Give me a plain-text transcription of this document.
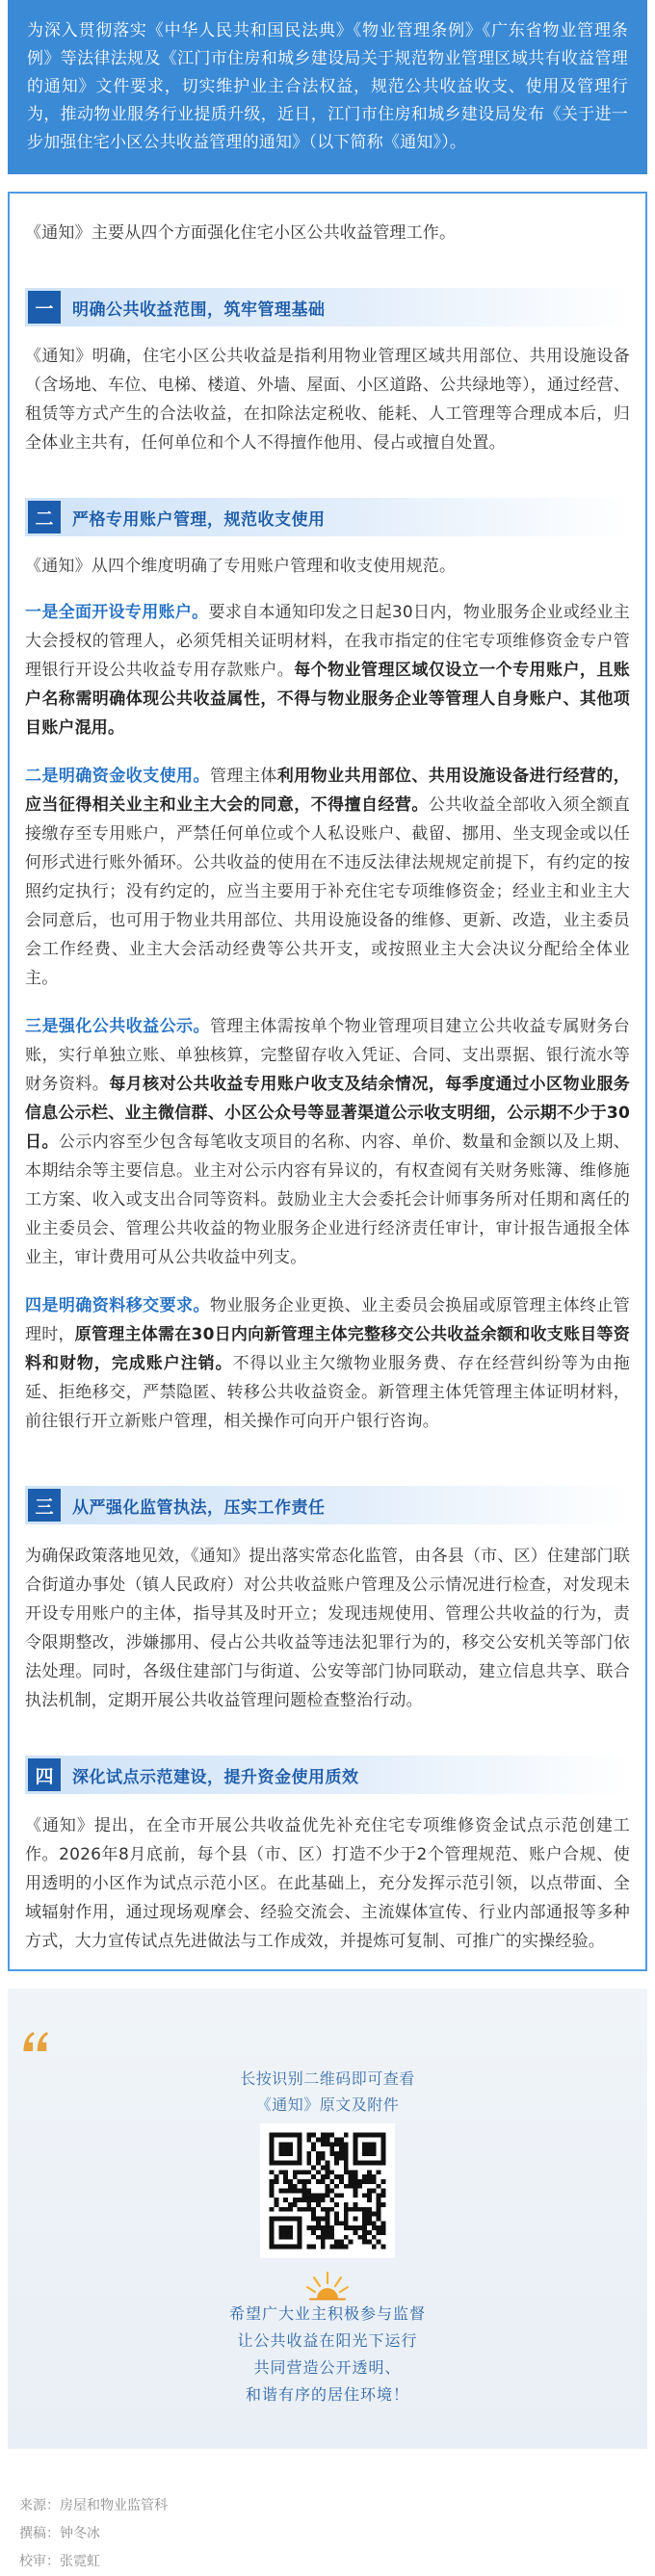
为深入贯彻落实《中华人民共和国民法典》《物业管理条例》《广东省物业管理条例》等法律法规及《江门市住房和城乡建设局关于规范物业管理区域共有收益管理的通知》文件要求，切实维护业主合法权益，规范公共收益收支、使用及管理行为，推动物业服务行业提质升级，近日，江门市住房和城乡建设局发布《关于进一步加强住宅小区公共收益管理的通知》（以下简称《通知》）。

《通知》主要从四个方面强化住宅小区公共收益管理工作。

一	明确公共收益范围，筑牢管理基础

《通知》明确，住宅小区公共收益是指利用物业管理区域共用部位、共用设施设备（含场地、车位、电梯、楼道、外墙、屋面、小区道路、公共绿地等），通过经营、租赁等方式产生的合法收益，在扣除法定税收、能耗、人工管理等合理成本后，归全体业主共有，任何单位和个人不得擅作他用、侵占或擅自处置。

二	严格专用账户管理，规范收支使用

《通知》从四个维度明确了专用账户管理和收支使用规范。

一是全面开设专用账户。要求自本通知印发之日起30日内，物业服务企业或经业主大会授权的管理人，必须凭相关证明材料，在我市指定的住宅专项维修资金专户管理银行开设公共收益专用存款账户。每个物业管理区域仅设立一个专用账户，且账户名称需明确体现公共收益属性，不得与物业服务企业等管理人自身账户、其他项目账户混用。

二是明确资金收支使用。管理主体利用物业共用部位、共用设施设备进行经营的，应当征得相关业主和业主大会的同意，不得擅自经营。公共收益全部收入须全额直接缴存至专用账户，严禁任何单位或个人私设账户、截留、挪用、坐支现金或以任何形式进行账外循环。公共收益的使用在不违反法律法规规定前提下，有约定的按照约定执行；没有约定的，应当主要用于补充住宅专项维修资金；经业主和业主大会同意后，也可用于物业共用部位、共用设施设备的维修、更新、改造，业主委员会工作经费、业主大会活动经费等公共开支，或按照业主大会决议分配给全体业主。

三是强化公共收益公示。管理主体需按单个物业管理项目建立公共收益专属财务台账，实行单独立账、单独核算，完整留存收入凭证、合同、支出票据、银行流水等财务资料。每月核对公共收益专用账户收支及结余情况，每季度通过小区物业服务信息公示栏、业主微信群、小区公众号等显著渠道公示收支明细，公示期不少于30日。公示内容至少包含每笔收支项目的名称、内容、单价、数量和金额以及上期、本期结余等主要信息。业主对公示内容有异议的，有权查阅有关财务账簿、维修施工方案、收入或支出合同等资料。鼓励业主大会委托会计师事务所对任期和离任的业主委员会、管理公共收益的物业服务企业进行经济责任审计，审计报告通报全体业主，审计费用可从公共收益中列支。

四是明确资料移交要求。物业服务企业更换、业主委员会换届或原管理主体终止管理时，原管理主体需在30日内向新管理主体完整移交公共收益余额和收支账目等资料和财物，完成账户注销。不得以业主欠缴物业服务费、存在经营纠纷等为由拖延、拒绝移交，严禁隐匿、转移公共收益资金。新管理主体凭管理主体证明材料，前往银行开立新账户管理，相关操作可向开户银行咨询。

三	从严强化监管执法，压实工作责任

为确保政策落地见效，《通知》提出落实常态化监管，由各县（市、区）住建部门联合街道办事处（镇人民政府）对公共收益账户管理及公示情况进行检查，对发现未开设专用账户的主体，指导其及时开立；发现违规使用、管理公共收益的行为，责令限期整改，涉嫌挪用、侵占公共收益等违法犯罪行为的，移交公安机关等部门依法处理。同时，各级住建部门与街道、公安等部门协同联动，建立信息共享、联合执法机制，定期开展公共收益管理问题检查整治行动。

四	深化试点示范建设，提升资金使用质效

《通知》提出，在全市开展公共收益优先补充住宅专项维修资金试点示范创建工作。2026年8月底前，每个县（市、区）打造不少于2个管理规范、账户合规、使用透明的小区作为试点示范小区。在此基础上，充分发挥示范引领，以点带面、全域辐射作用，通过现场观摩会、经验交流会、主流媒体宣传、行业内部通报等多种方式，大力宣传试点先进做法与工作成效，并提炼可复制、可推广的实操经验。

长按识别二维码即可查看

《通知》原文及附件

希望广大业主积极参与监督

让公共收益在阳光下运行

共同营造公开透明、

和谐有序的居住环境！

来源：房屋和物业监管科

撰稿：钟冬冰

校审：张霓虹
